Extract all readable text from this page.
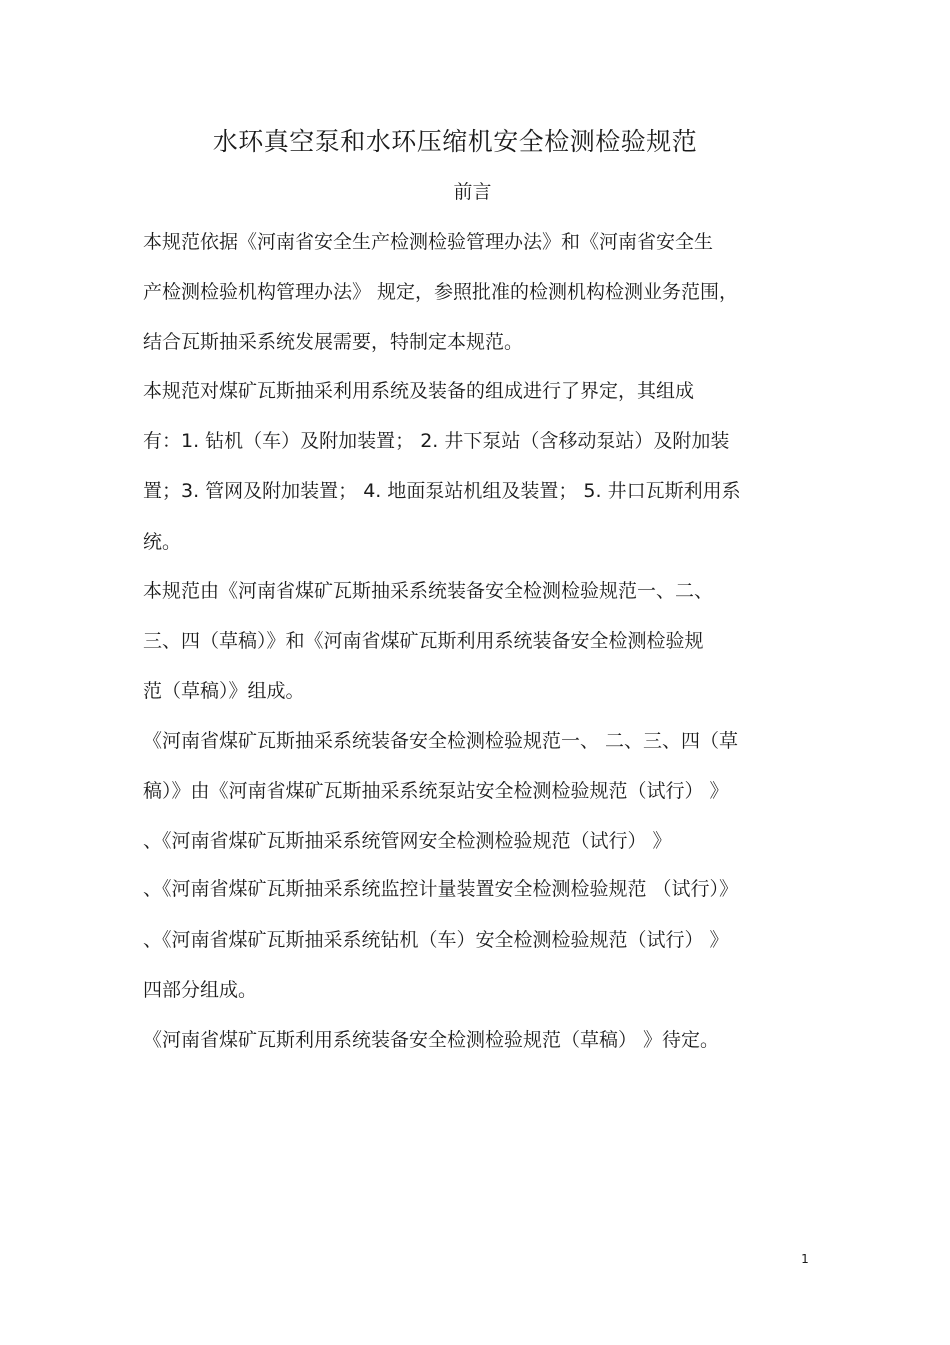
水环真空泵和水环压缩机安全检测检验规范
前言
本规范依据《河南省安全生产检测检验管理办法》和《河南省安全生
产检测检验机构管理办法》 规定，参照批准的检测机构检测业务范围，
结合瓦斯抽采系统发展需要，特制定本规范。
本规范对煤矿瓦斯抽采利用系统及装备的组成进行了界定，其组成
有：1. 钻机（车）及附加装置； 2. 井下泵站（含移动泵站）及附加装
置；3. 管网及附加装置； 4. 地面泵站机组及装置； 5. 井口瓦斯利用系
统。
本规范由《河南省煤矿瓦斯抽采系统装备安全检测检验规范一、二、
三、四（草稿）》和《河南省煤矿瓦斯利用系统装备安全检测检验规
范（草稿）》组成。
《河南省煤矿瓦斯抽采系统装备安全检测检验规范一、 二、三、四（草
稿）》由《河南省煤矿瓦斯抽采系统泵站安全检测检验规范（试行） 》
、《河南省煤矿瓦斯抽采系统管网安全检测检验规范（试行） 》
、《河南省煤矿瓦斯抽采系统监控计量装置安全检测检验规范 （试行）》
、《河南省煤矿瓦斯抽采系统钻机（车）安全检测检验规范（试行） 》
四部分组成。
《河南省煤矿瓦斯利用系统装备安全检测检验规范（草稿） 》待定。
1
